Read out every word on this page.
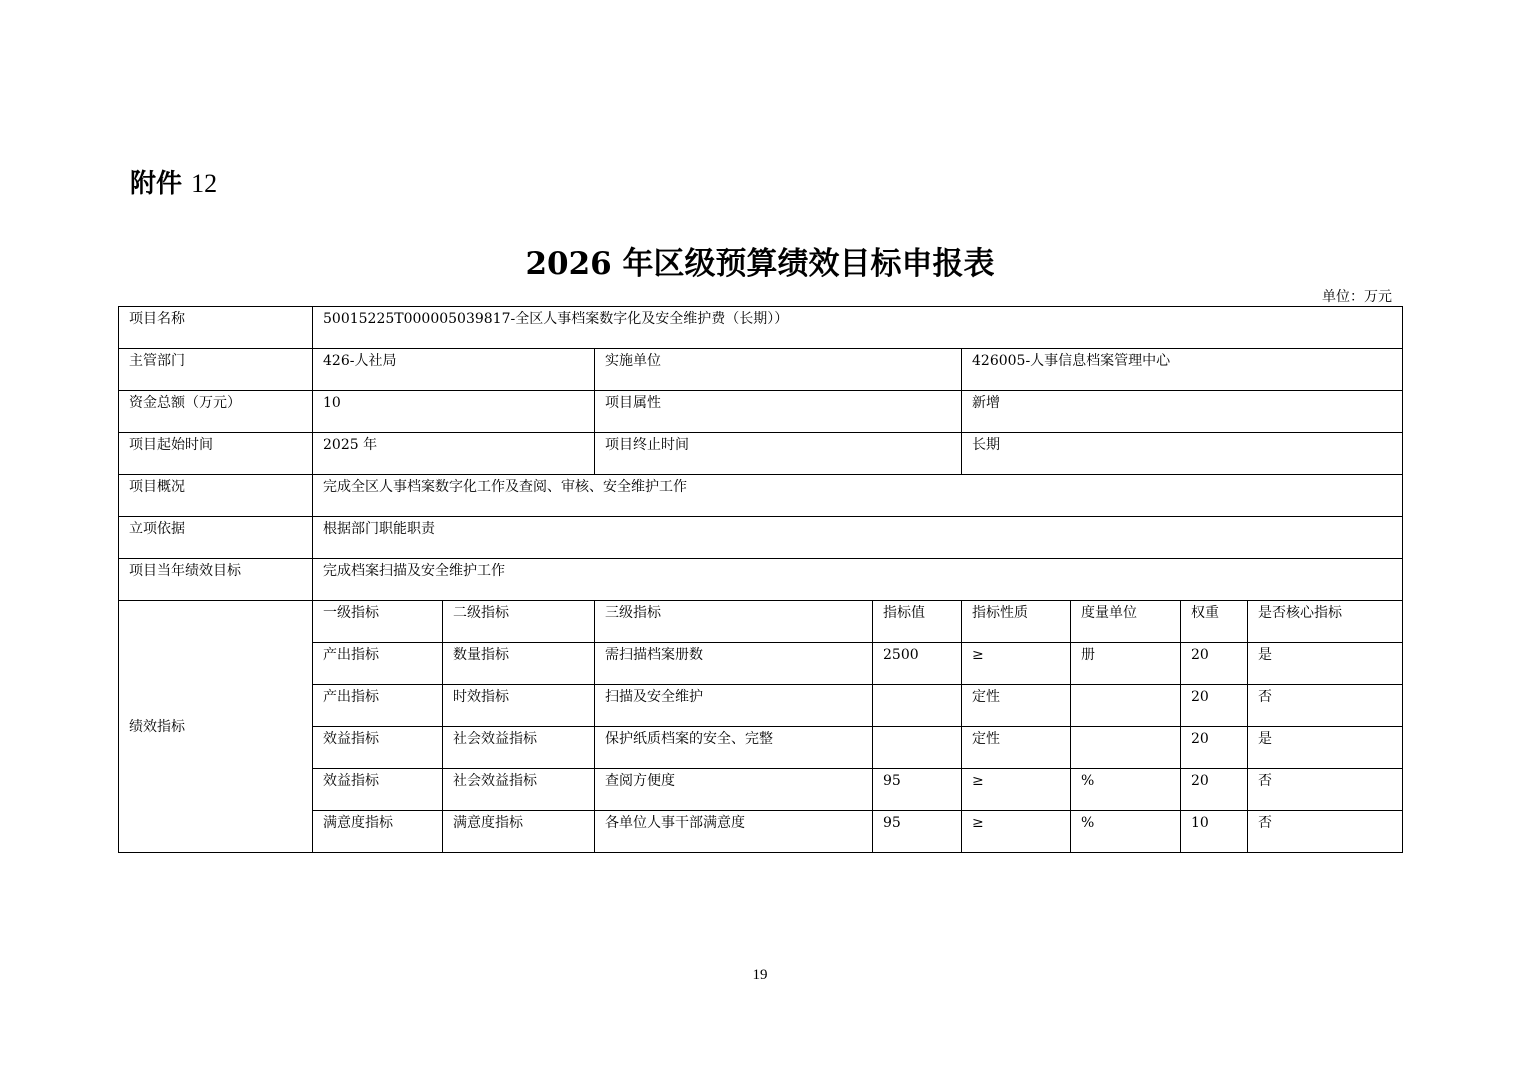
附件 12
2026 年区级预算绩效目标申报表
单位：万元
项目名称	50015225T000005039817-全区人事档案数字化及安全维护费（长期））							
主管部门	426-人社局		实施单位		426005-人事信息档案管理中心			
资金总额（万元）	10		项目属性		新增			
项目起始时间	2025 年		项目终止时间		长期			
项目概况	完成全区人事档案数字化工作及查阅、审核、安全维护工作							
立项依据	根据部门职能职责							
项目当年绩效目标	完成档案扫描及安全维护工作							
绩效指标	一级指标	二级指标	三级指标	指标值	指标性质	度量单位	权重	是否核心指标
	产出指标	数量指标	需扫描档案册数	2500	≥	册	20	是
	产出指标	时效指标	扫描及安全维护		定性		20	否
	效益指标	社会效益指标	保护纸质档案的安全、完整		定性		20	是
	效益指标	社会效益指标	查阅方便度	95	≥	%	20	否
	满意度指标	满意度指标	各单位人事干部满意度	95	≥	%	10	否
19
